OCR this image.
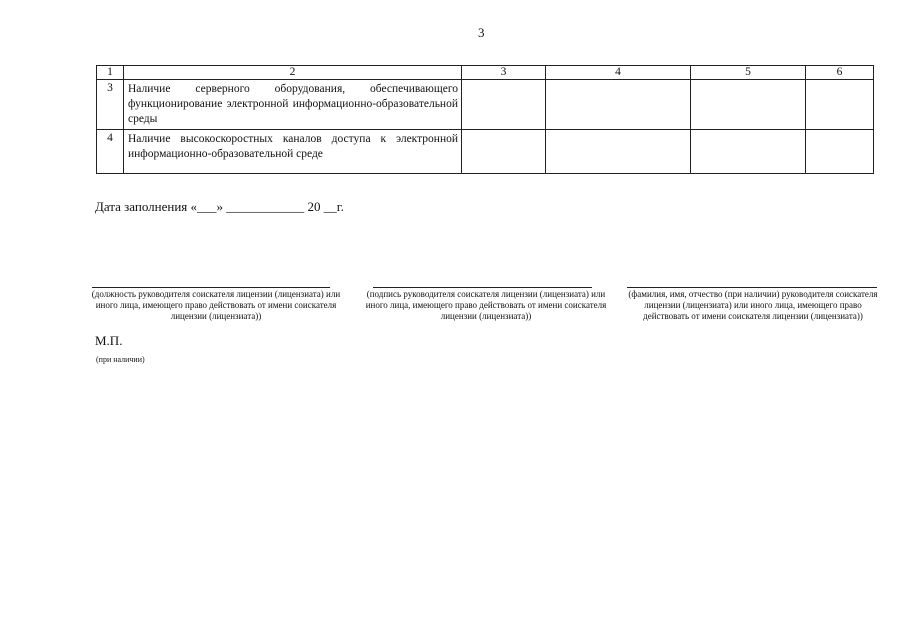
3
1	2	3	4	5	6
3	Наличие серверного оборудования, обеспечивающего функционирование электронной информационно-образовательной среды				
4	Наличие высокоскоростных каналов доступа к электронной информационно-образовательной среде				
Дата заполнения «___» ____________ 20 __г.
(должность руководителя соискателя лицензии (лицензиата) или иного лица, имеющего право действовать от имени соискателя лицензии (лицензиата))
(подпись руководителя соискателя лицензии (лицензиата) или иного лица, имеющего право действовать от имени соискателя лицензии (лицензиата))
(фамилия, имя, отчество (при наличии) руководителя соискателя лицензии (лицензиата) или иного лица, имеющего право действовать от имени соискателя лицензии (лицензиата))
М.П.
(при наличии)
